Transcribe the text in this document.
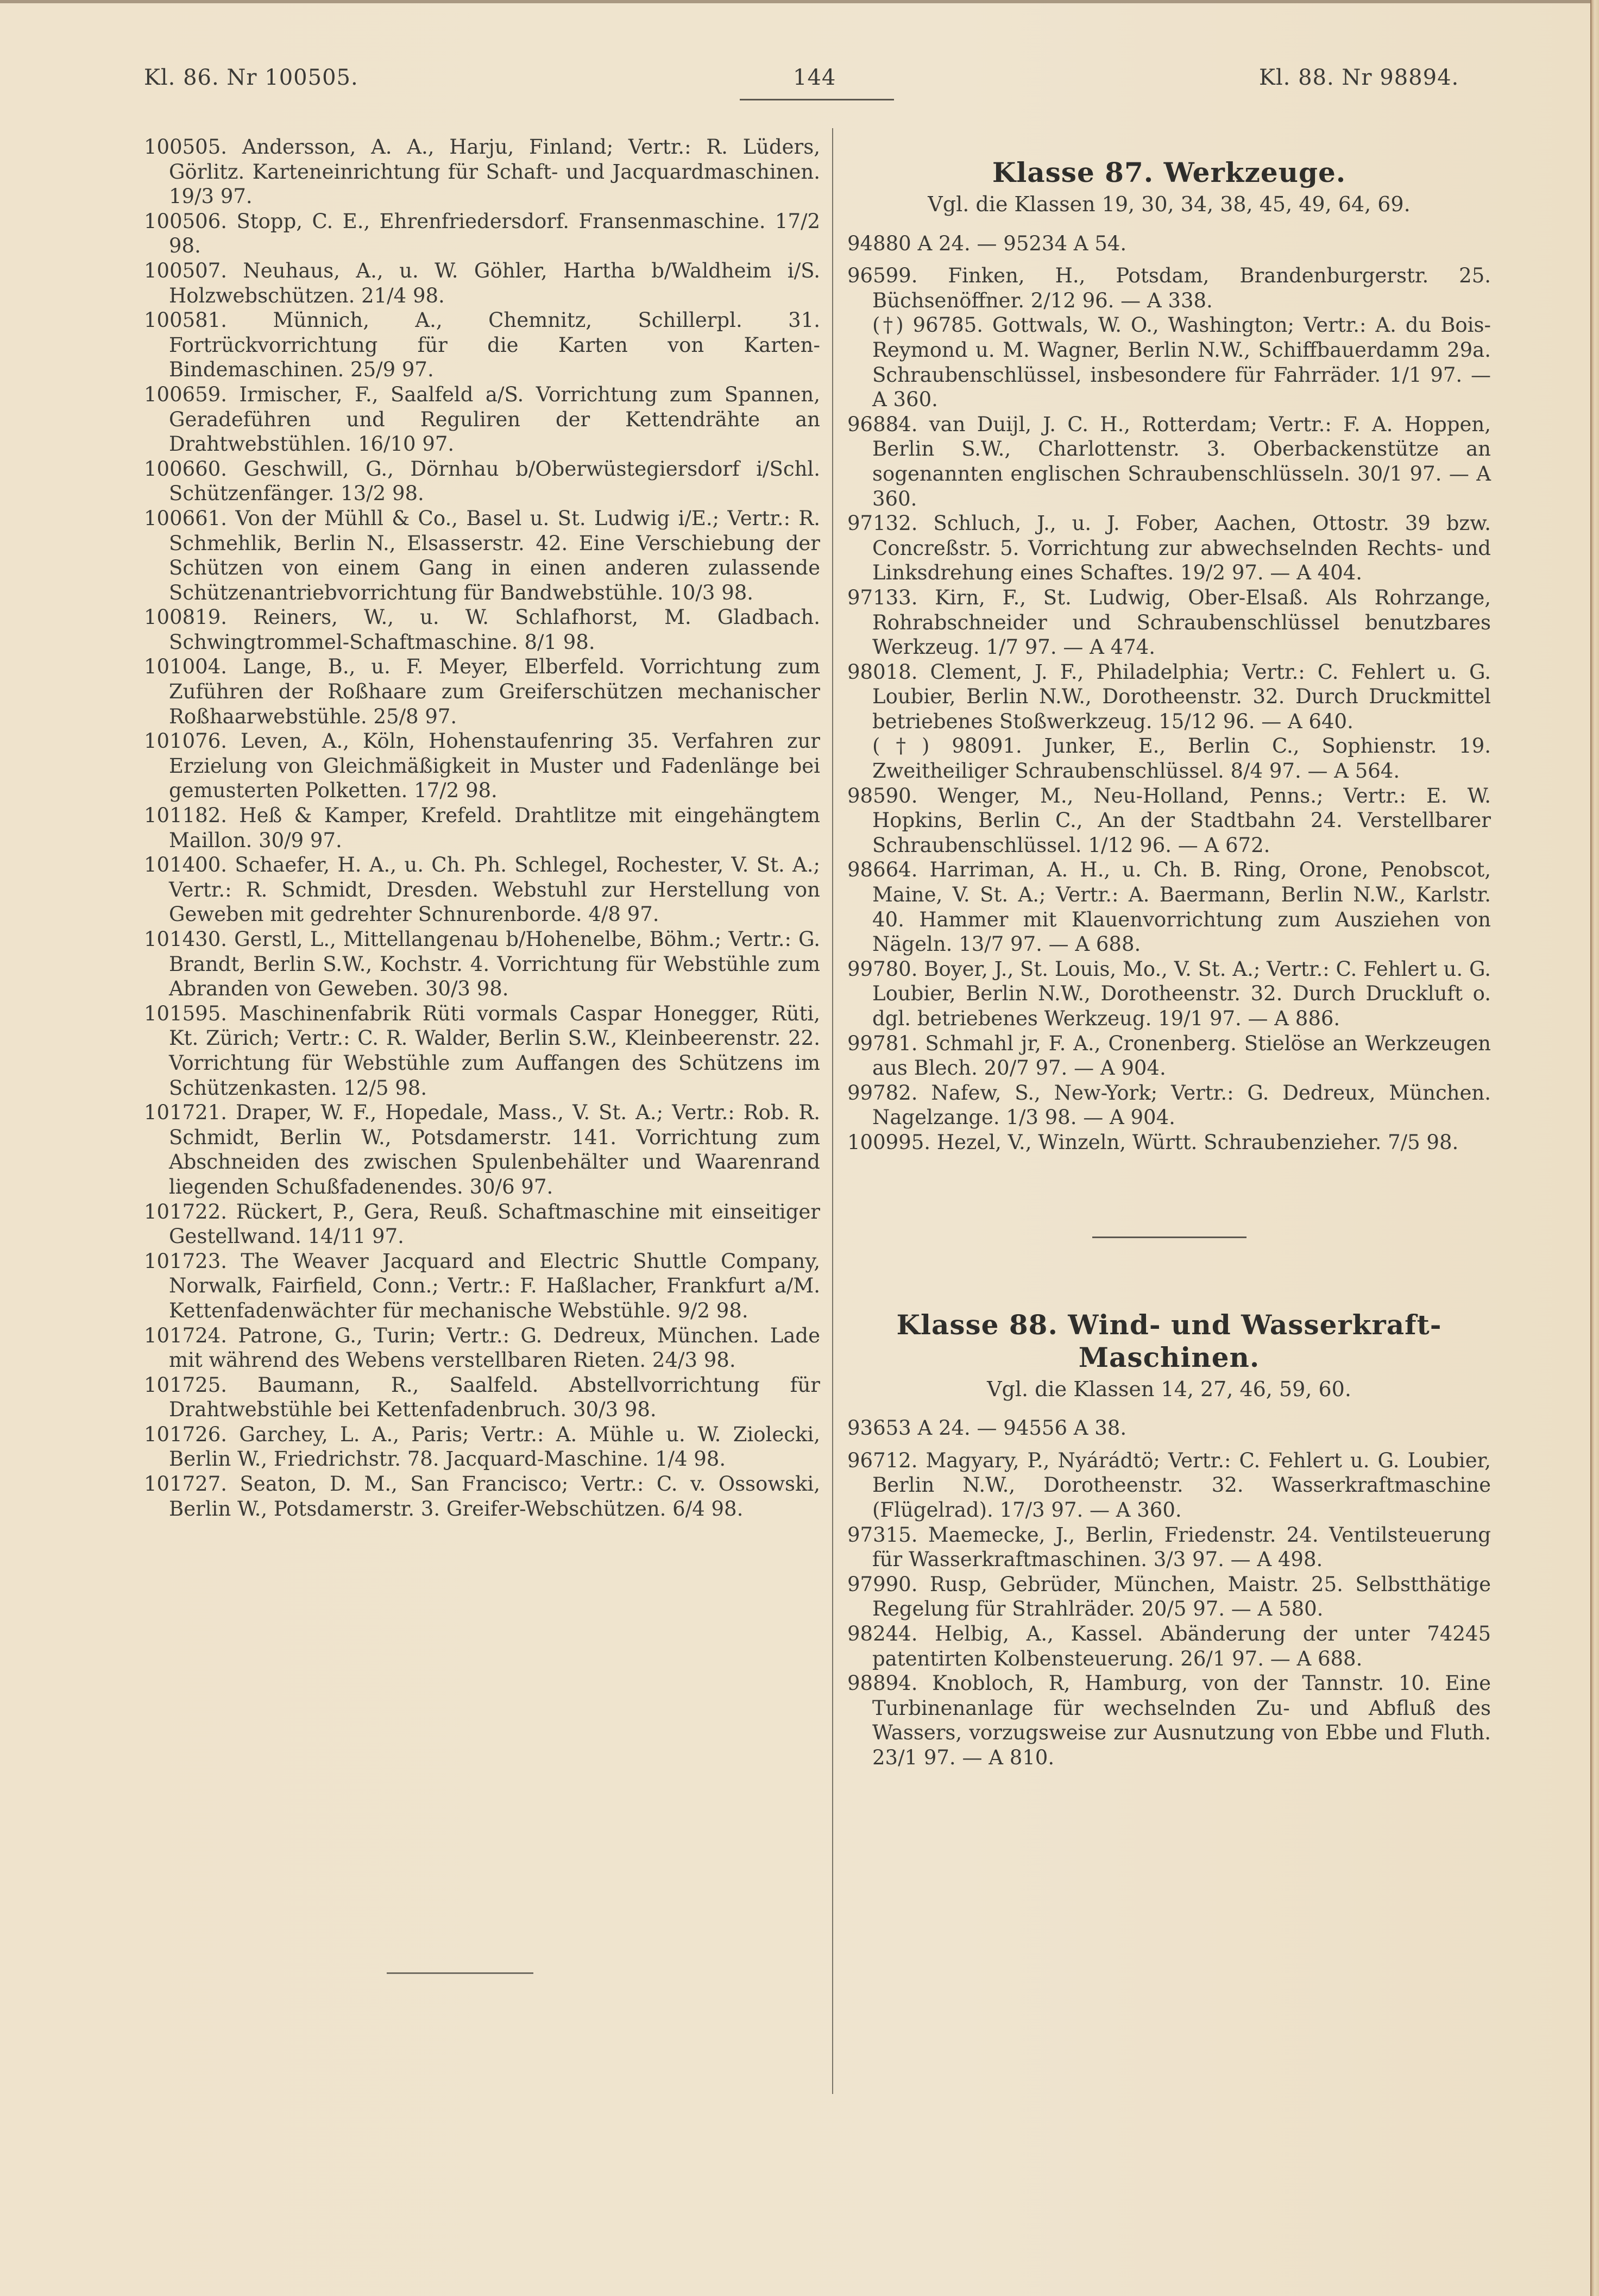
Kl. 86. Nr 100505.	144	Kl. 88. Nr 98894.

100505. Andersson, A. A., Harju, Finland; Vertr.: R. Lüders, Görlitz. Karteneinrichtung für Schaft- und Jacquardmaschinen. 19/3 97.

100506. Stopp, C. E., Ehrenfriedersdorf. Fransenmaschine. 17/2 98.

100507. Neuhaus, A., u. W. Göhler, Hartha b/Waldheim i/S. Holzwebschützen. 21/4 98.

100581. Münnich, A., Chemnitz, Schillerpl. 31. Fortrückvorrichtung für die Karten von Karten-Bindemaschinen. 25/9 97.

100659. Irmischer, F., Saalfeld a/S. Vorrichtung zum Spannen, Geradeführen und Reguliren der Kettendrähte an Drahtwebstühlen. 16/10 97.

100660. Geschwill, G., Dörnhau b/Oberwüstegiersdorf i/Schl. Schützenfänger. 13/2 98.

100661. Von der Mühll & Co., Basel u. St. Ludwig i/E.; Vertr.: R. Schmehlik, Berlin N., Elsasserstr. 42. Eine Verschiebung der Schützen von einem Gang in einen anderen zulassende Schützenantriebvorrichtung für Bandwebstühle. 10/3 98.

100819. Reiners, W., u. W. Schlafhorst, M. Gladbach. Schwingtrommel-Schaftmaschine. 8/1 98.

101004. Lange, B., u. F. Meyer, Elberfeld. Vorrichtung zum Zuführen der Roßhaare zum Greiferschützen mechanischer Roßhaarwebstühle. 25/8 97.

101076. Leven, A., Köln, Hohenstaufenring 35. Verfahren zur Erzielung von Gleichmäßigkeit in Muster und Fadenlänge bei gemusterten Polketten. 17/2 98.

101182. Heß & Kamper, Krefeld. Drahtlitze mit eingehängtem Maillon. 30/9 97.

101400. Schaefer, H. A., u. Ch. Ph. Schlegel, Rochester, V. St. A.; Vertr.: R. Schmidt, Dresden. Webstuhl zur Herstellung von Geweben mit gedrehter Schnurenborde. 4/8 97.

101430. Gerstl, L., Mittellangenau b/Hohenelbe, Böhm.; Vertr.: G. Brandt, Berlin S.W., Kochstr. 4. Vorrichtung für Webstühle zum Abranden von Geweben. 30/3 98.

101595. Maschinenfabrik Rüti vormals Caspar Honegger, Rüti, Kt. Zürich; Vertr.: C. R. Walder, Berlin S.W., Kleinbeerenstr. 22. Vorrichtung für Webstühle zum Auffangen des Schützens im Schützenkasten. 12/5 98.

101721. Draper, W. F., Hopedale, Mass., V. St. A.; Vertr.: Rob. R. Schmidt, Berlin W., Potsdamerstr. 141. Vorrichtung zum Abschneiden des zwischen Spulenbehälter und Waarenrand liegenden Schußfadenendes. 30/6 97.

101722. Rückert, P., Gera, Reuß. Schaftmaschine mit einseitiger Gestellwand. 14/11 97.

101723. The Weaver Jacquard and Electric Shuttle Company, Norwalk, Fairfield, Conn.; Vertr.: F. Haßlacher, Frankfurt a/M. Kettenfadenwächter für mechanische Webstühle. 9/2 98.

101724. Patrone, G., Turin; Vertr.: G. Dedreux, München. Lade mit während des Webens verstellbaren Rieten. 24/3 98.

101725. Baumann, R., Saalfeld. Abstellvorrichtung für Drahtwebstühle bei Kettenfadenbruch. 30/3 98.

101726. Garchey, L. A., Paris; Vertr.: A. Mühle u. W. Ziolecki, Berlin W., Friedrichstr. 78. Jacquard-Maschine. 1/4 98.

101727. Seaton, D. M., San Francisco; Vertr.: C. v. Ossowski, Berlin W., Potsdamerstr. 3. Greifer-Webschützen. 6/4 98.

Klasse 87. Werkzeuge.

Vgl. die Klassen 19, 30, 34, 38, 45, 49, 64, 69.

94880 A 24. — 95234 A 54.

96599. Finken, H., Potsdam, Brandenburgerstr. 25. Büchsenöffner. 2/12 96. — A 338.

(†) 96785. Gottwals, W. O., Washington; Vertr.: A. du Bois-Reymond u. M. Wagner, Berlin N.W., Schiffbauerdamm 29a. Schraubenschlüssel, insbesondere für Fahrräder. 1/1 97. — A 360.

96884. van Duijl, J. C. H., Rotterdam; Vertr.: F. A. Hoppen, Berlin S.W., Charlottenstr. 3. Oberbackenstütze an sogenannten englischen Schraubenschlüsseln. 30/1 97. — A 360.

97132. Schluch, J., u. J. Fober, Aachen, Ottostr. 39 bzw. Concreßstr. 5. Vorrichtung zur abwechselnden Rechts- und Linksdrehung eines Schaftes. 19/2 97. — A 404.

97133. Kirn, F., St. Ludwig, Ober-Elsaß. Als Rohrzange, Rohrabschneider und Schraubenschlüssel benutzbares Werkzeug. 1/7 97. — A 474.

98018. Clement, J. F., Philadelphia; Vertr.: C. Fehlert u. G. Loubier, Berlin N.W., Dorotheenstr. 32. Durch Druckmittel betriebenes Stoßwerkzeug. 15/12 96. — A 640.

(†) 98091. Junker, E., Berlin C., Sophienstr. 19. Zweitheiliger Schraubenschlüssel. 8/4 97. — A 564.

98590. Wenger, M., Neu-Holland, Penns.; Vertr.: E. W. Hopkins, Berlin C., An der Stadtbahn 24. Verstellbarer Schraubenschlüssel. 1/12 96. — A 672.

98664. Harriman, A. H., u. Ch. B. Ring, Orone, Penobscot, Maine, V. St. A.; Vertr.: A. Baermann, Berlin N.W., Karlstr. 40. Hammer mit Klauenvorrichtung zum Ausziehen von Nägeln. 13/7 97. — A 688.

99780. Boyer, J., St. Louis, Mo., V. St. A.; Vertr.: C. Fehlert u. G. Loubier, Berlin N.W., Dorotheenstr. 32. Durch Druckluft o. dgl. betriebenes Werkzeug. 19/1 97. — A 886.

99781. Schmahl jr, F. A., Cronenberg. Stielöse an Werkzeugen aus Blech. 20/7 97. — A 904.

99782. Nafew, S., New-York; Vertr.: G. Dedreux, München. Nagelzange. 1/3 98. — A 904.

100995. Hezel, V., Winzeln, Württ. Schraubenzieher. 7/5 98.

Klasse 88. Wind- und Wasserkraft-Maschinen.

Vgl. die Klassen 14, 27, 46, 59, 60.

93653 A 24. — 94556 A 38.

96712. Magyary, P., Nyárádtö; Vertr.: C. Fehlert u. G. Loubier, Berlin N.W., Dorotheenstr. 32. Wasserkraftmaschine (Flügelrad). 17/3 97. — A 360.

97315. Maemecke, J., Berlin, Friedenstr. 24. Ventilsteuerung für Wasserkraftmaschinen. 3/3 97. — A 498.

97990. Rusp, Gebrüder, München, Maistr. 25. Selbstthätige Regelung für Strahlräder. 20/5 97. — A 580.

98244. Helbig, A., Kassel. Abänderung der unter 74245 patentirten Kolbensteuerung. 26/1 97. — A 688.

98894. Knobloch, R, Hamburg, von der Tannstr. 10. Eine Turbinenanlage für wechselnden Zu- und Abfluß des Wassers, vorzugsweise zur Ausnutzung von Ebbe und Fluth. 23/1 97. — A 810.
